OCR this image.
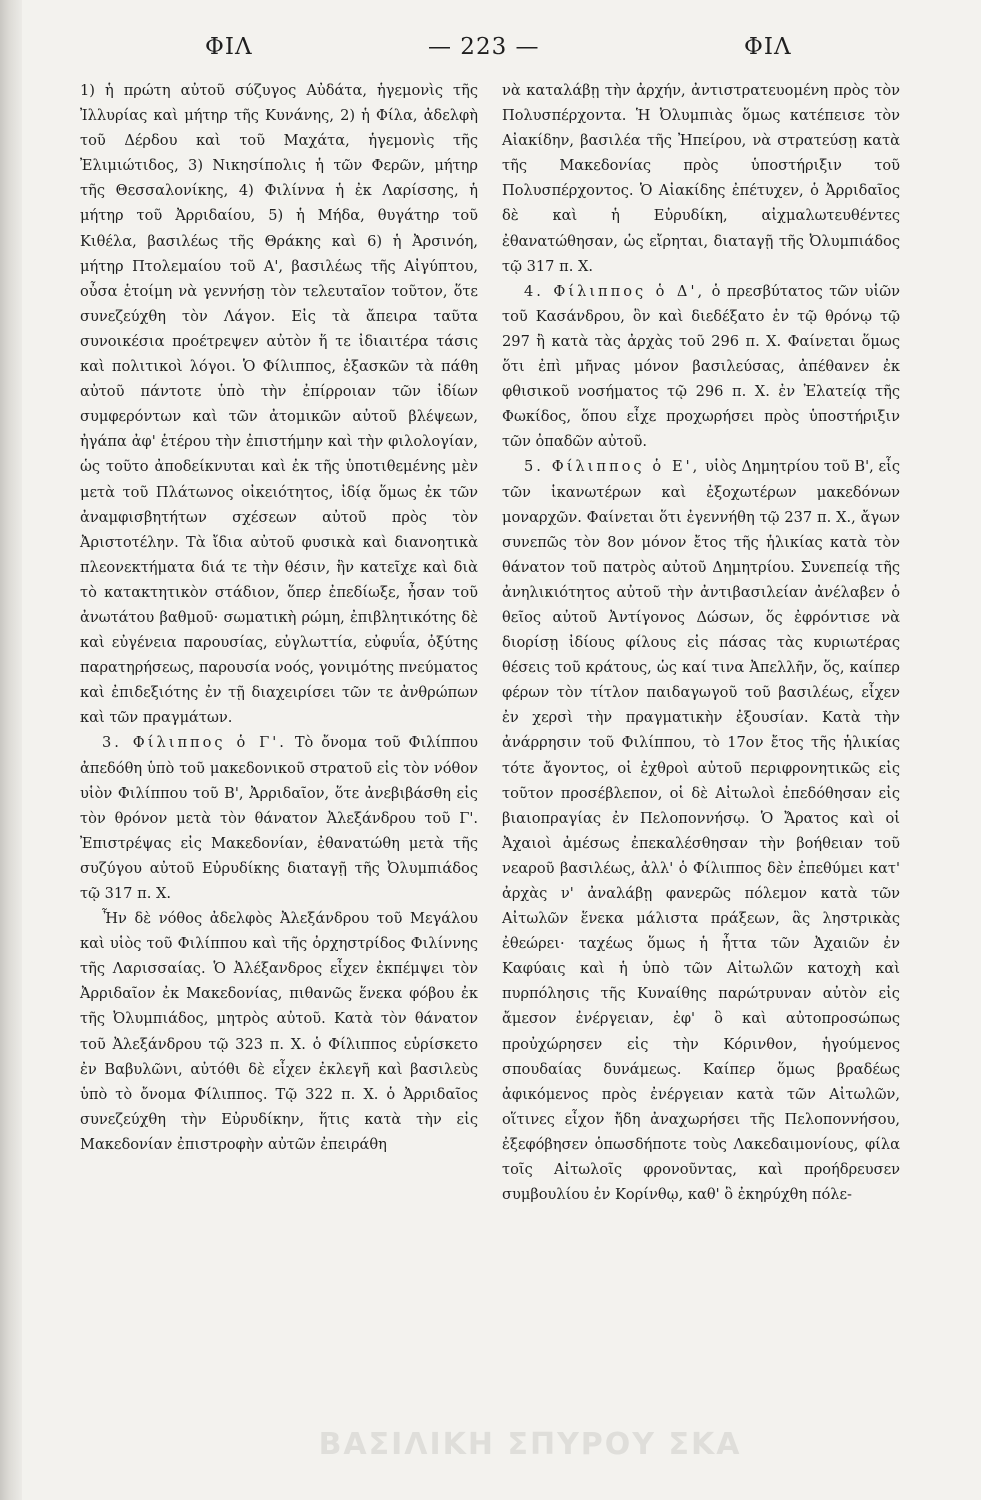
ΦΙΛ	— 223 —	ΦΙΛ

1) ἡ πρώτη αὐτοῦ σύζυγος Αὐδάτα, ἡγεμονὶς τῆς Ἰλλυρίας καὶ μήτηρ τῆς Κυνάνης, 2) ἡ Φίλα, ἀδελφὴ τοῦ Δέρδου καὶ τοῦ Μαχάτα, ἡγεμονὶς τῆς Ἐλιμιώτιδος, 3) Νικησίπολις ἡ τῶν Φερῶν, μήτηρ τῆς Θεσσαλονίκης, 4) Φιλίννα ἡ ἐκ Λαρίσσης, ἡ μήτηρ τοῦ Ἀρριδαίου, 5) ἡ Μήδα, θυγάτηρ τοῦ Κιθέλα, βασιλέως τῆς Θράκης καὶ 6) ἡ Ἀρσινόη, μήτηρ Πτολεμαίου τοῦ Α', βασιλέως τῆς Αἰγύπτου, οὖσα ἑτοίμη νὰ γεννήσῃ τὸν τελευταῖον τοῦτον, ὅτε συνεζεύχθη τὸν Λάγον. Εἰς τὰ ἄπειρα ταῦτα συνοικέσια προέτρεψεν αὐτὸν ἥ τε ἰδιαιτέρα τάσις καὶ πολιτικοὶ λόγοι. Ὁ Φίλιππος, ἐξασκῶν τὰ πάθη αὐτοῦ πάντοτε ὑπὸ τὴν ἐπίρροιαν τῶν ἰδίων συμφερόντων καὶ τῶν ἀτομικῶν αὐτοῦ βλέψεων, ἠγάπα ἀφ' ἑτέρου τὴν ἐπιστήμην καὶ τὴν φιλολογίαν, ὡς τοῦτο ἀποδείκνυται καὶ ἐκ τῆς ὑποτιθεμένης μὲν μετὰ τοῦ Πλάτωνος οἰκειότητος, ἰδίᾳ ὅμως ἐκ τῶν ἀναμφισβητήτων σχέσεων αὐτοῦ πρὸς τὸν Ἀριστοτέλην. Τὰ ἴδια αὐτοῦ φυσικὰ καὶ διανοητικὰ πλεονεκτήματα διά τε τὴν θέσιν, ἣν κατεῖχε καὶ διὰ τὸ κατακτητικὸν στάδιον, ὅπερ ἐπεδίωξε, ἦσαν τοῦ ἀνωτάτου βαθμοῦ· σωματικὴ ρώμη, ἐπιβλητικότης δὲ καὶ εὐγένεια παρουσίας, εὐγλωττία, εὐφυΐα, ὀξύτης παρατηρήσεως, παρουσία νοός, γονιμότης πνεύματος καὶ ἐπιδεξιότης ἐν τῇ διαχειρίσει τῶν τε ἀνθρώπων καὶ τῶν πραγμάτων.

3. Φίλιππος ὁ Γ'. Τὸ ὄνομα τοῦ Φιλίππου ἀπεδόθη ὑπὸ τοῦ μακεδονικοῦ στρατοῦ εἰς τὸν νόθον υἱὸν Φιλίππου τοῦ Β', Ἀρριδαῖον, ὅτε ἀνεβιβάσθη εἰς τὸν θρόνον μετὰ τὸν θάνατον Ἀλεξάνδρου τοῦ Γ'. Ἐπιστρέψας εἰς Μακεδονίαν, ἐθανατώθη μετὰ τῆς συζύγου αὐτοῦ Εὐρυδίκης διαταγῇ τῆς Ὀλυμπιάδος τῷ 317 π. Χ.

Ἦν δὲ νόθος ἀδελφὸς Ἀλεξάνδρου τοῦ Μεγάλου καὶ υἱὸς τοῦ Φιλίππου καὶ τῆς ὀρχηστρίδος Φιλίννης τῆς Λαρισσαίας. Ὁ Ἀλέξανδρος εἶχεν ἐκπέμψει τὸν Ἀρριδαῖον ἐκ Μακεδονίας, πιθανῶς ἕνεκα φόβου ἐκ τῆς Ὀλυμπιάδος, μητρὸς αὐτοῦ. Κατὰ τὸν θάνατον τοῦ Ἀλεξάνδρου τῷ 323 π. Χ. ὁ Φίλιππος εὑρίσκετο ἐν Βαβυλῶνι, αὐτόθι δὲ εἶχεν ἐκλεγῆ καὶ βασιλεὺς ὑπὸ τὸ ὄνομα Φίλιππος. Τῷ 322 π. Χ. ὁ Ἀρριδαῖος συνεζεύχθη τὴν Εὐρυδίκην, ἥτις κατὰ τὴν εἰς Μακεδονίαν ἐπιστροφὴν αὐτῶν ἐπειράθη

νὰ καταλάβῃ τὴν ἀρχήν, ἀντιστρατευομένη πρὸς τὸν Πολυσπέρχοντα. Ἡ Ὀλυμπιὰς ὅμως κατέπεισε τὸν Αἰακίδην, βασιλέα τῆς Ἠπείρου, νὰ στρατεύσῃ κατὰ τῆς Μακεδονίας πρὸς ὑποστήριξιν τοῦ Πολυσπέρχοντος. Ὁ Αἰακίδης ἐπέτυχεν, ὁ Ἀρριδαῖος δὲ καὶ ἡ Εὐρυδίκη, αἰχμαλωτευθέντες ἐθανατώθησαν, ὡς εἴρηται, διαταγῇ τῆς Ὀλυμπιάδος τῷ 317 π. Χ.

4. Φίλιππος ὁ Δ', ὁ πρεσβύτατος τῶν υἱῶν τοῦ Κασάνδρου, ὃν καὶ διεδέξατο ἐν τῷ θρόνῳ τῷ 297 ἢ κατὰ τὰς ἀρχὰς τοῦ 296 π. Χ. Φαίνεται ὅμως ὅτι ἐπὶ μῆνας μόνον βασιλεύσας, ἀπέθανεν ἐκ φθισικοῦ νοσήματος τῷ 296 π. Χ. ἐν Ἐλατείᾳ τῆς Φωκίδος, ὅπου εἶχε προχωρήσει πρὸς ὑποστήριξιν τῶν ὀπαδῶν αὐτοῦ.

5. Φίλιππος ὁ Ε', υἱὸς Δημητρίου τοῦ Β', εἷς τῶν ἱκανωτέρων καὶ ἐξοχωτέρων μακεδόνων μοναρχῶν. Φαίνεται ὅτι ἐγεννήθη τῷ 237 π. Χ., ἄγων συνεπῶς τὸν 8ον μόνον ἔτος τῆς ἡλικίας κατὰ τὸν θάνατον τοῦ πατρὸς αὐτοῦ Δημητρίου. Συνεπείᾳ τῆς ἀνηλικιότητος αὐτοῦ τὴν ἀντιβασιλείαν ἀνέλαβεν ὁ θεῖος αὐτοῦ Ἀντίγονος Δώσων, ὅς ἐφρόντισε νὰ διορίσῃ ἰδίους φίλους εἰς πάσας τὰς κυριωτέρας θέσεις τοῦ κράτους, ὡς καί τινα Ἀπελλῆν, ὅς, καίπερ φέρων τὸν τίτλον παιδαγωγοῦ τοῦ βασιλέως, εἶχεν ἐν χερσὶ τὴν πραγματικὴν ἐξουσίαν. Κατὰ τὴν ἀνάρρησιν τοῦ Φιλίππου, τὸ 17ον ἔτος τῆς ἡλικίας τότε ἄγοντος, οἱ ἐχθροὶ αὐτοῦ περιφρονητικῶς εἰς τοῦτον προσέβλεπον, οἱ δὲ Αἰτωλοὶ ἐπεδόθησαν εἰς βιαιοπραγίας ἐν Πελοποννήσῳ. Ὁ Ἄρατος καὶ οἱ Ἀχαιοὶ ἀμέσως ἐπεκαλέσθησαν τὴν βοήθειαν τοῦ νεαροῦ βασιλέως, ἀλλ' ὁ Φίλιππος δὲν ἐπεθύμει κατ' ἀρχὰς ν' ἀναλάβῃ φανερῶς πόλεμον κατὰ τῶν Αἰτωλῶν ἕνεκα μάλιστα πράξεων, ἃς ληστρικὰς ἐθεώρει· ταχέως ὅμως ἡ ἧττα τῶν Ἀχαιῶν ἐν Καφύαις καὶ ἡ ὑπὸ τῶν Αἰτωλῶν κατοχὴ καὶ πυρπόλησις τῆς Κυναίθης παρώτρυναν αὐτὸν εἰς ἄμεσον ἐνέργειαν, ἐφ' ὃ καὶ αὐτοπροσώπως προὐχώρησεν εἰς τὴν Κόρινθον, ἡγούμενος σπουδαίας δυνάμεως. Καίπερ ὅμως βραδέως ἀφικόμενος πρὸς ἐνέργειαν κατὰ τῶν Αἰτωλῶν, οἵτινες εἶχον ἤδη ἀναχωρήσει τῆς Πελοποννήσου, ἐξεφόβησεν ὁπωσδήποτε τοὺς Λακεδαιμονίους, φίλα τοῖς Αἰτωλοῖς φρονοῦντας, καὶ προήδρευσεν συμβουλίου ἐν Κορίνθῳ, καθ' ὃ ἐκηρύχθη πόλε-

ΒΑΣΙΛΙΚΗ ΣΠΥΡΟΥ ΣΚΑ
